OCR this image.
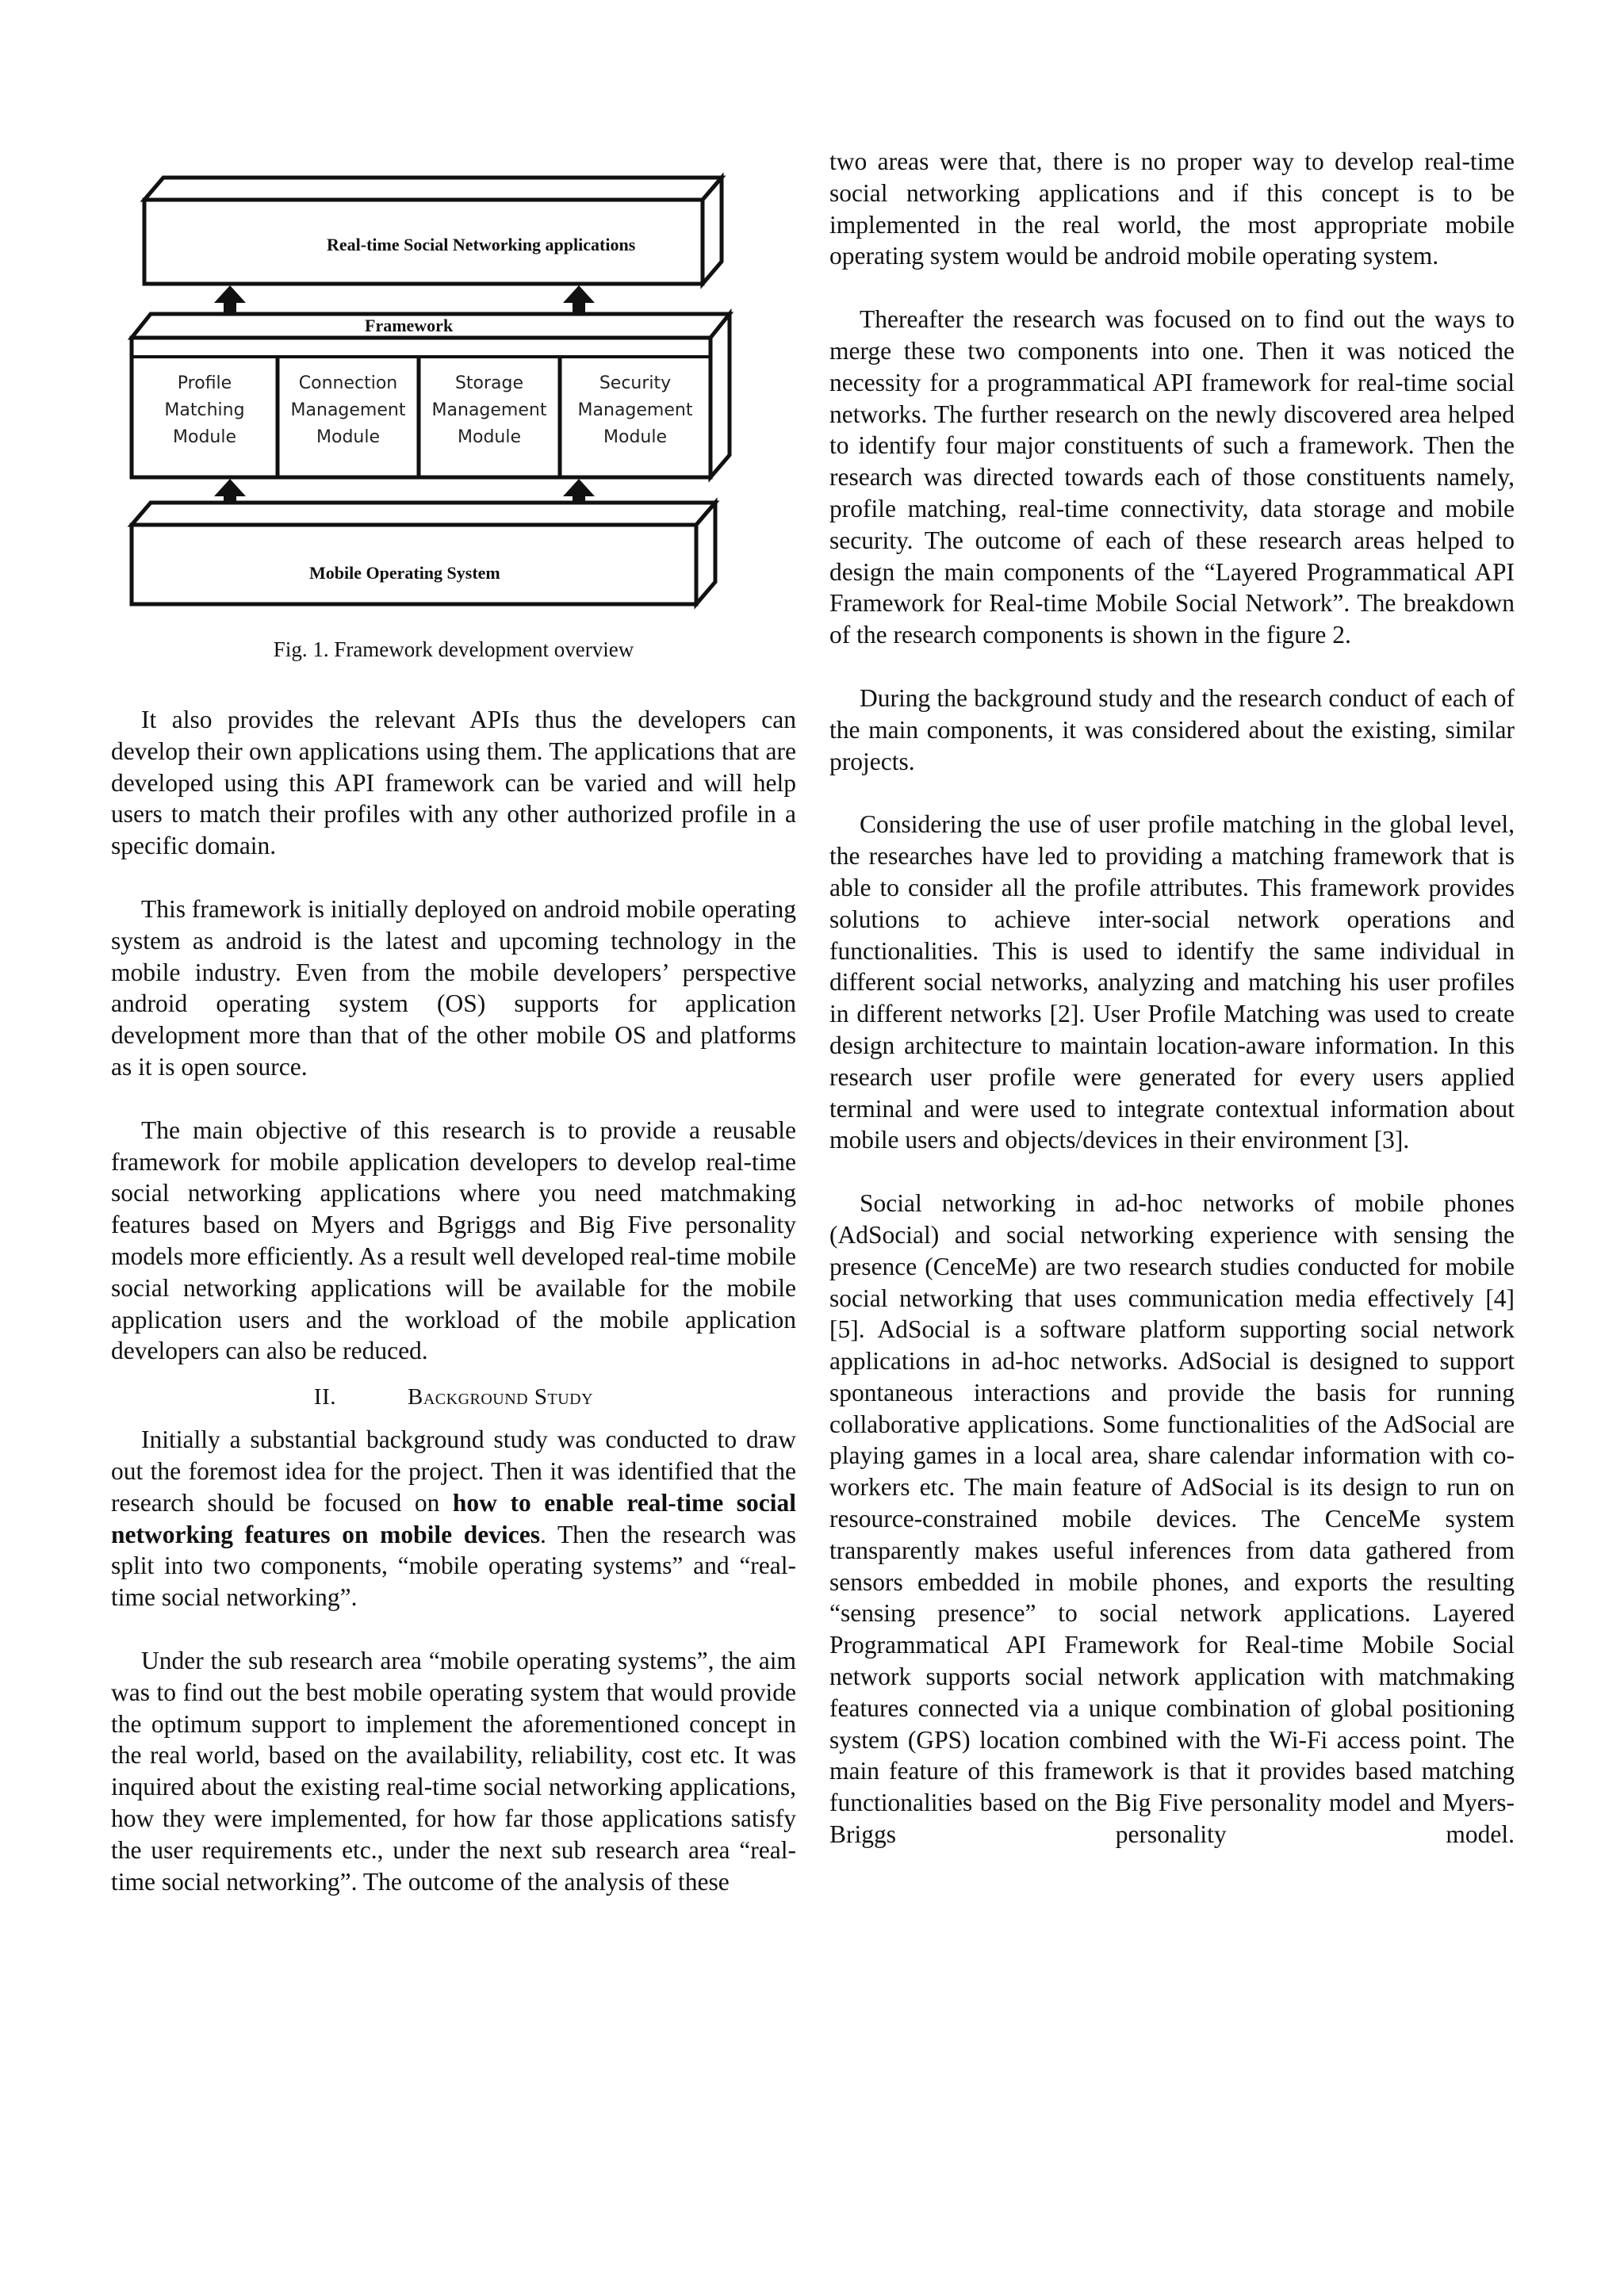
Real-time Social Networking applications
Framework
Profile
Matching
Module
Connection
Management
Module
Storage
Management
Module
Security
Management
Module
Mobile Operating System
Fig. 1. Framework development overview

It also provides the relevant APIs thus the developers can develop their own applications using them. The applications that are developed using this API framework can be varied and will help users to match their profiles with any other authorized profile in a specific domain.

This framework is initially deployed on android mobile operating system as android is the latest and upcoming technology in the mobile industry. Even from the mobile developers’ perspective android operating system (OS) supports for application development more than that of the other mobile OS and platforms as it is open source.

The main objective of this research is to provide a reusable framework for mobile application developers to develop real-time social networking applications where you need matchmaking features based on Myers and Bgriggs and Big Five personality models more efficiently. As a result well developed real-time mobile social networking applications will be available for the mobile application users and the workload of the mobile application developers can also be reduced.

II.	Background Study

Initially a substantial background study was conducted to draw out the foremost idea for the project. Then it was identified that the research should be focused on how to enable real-time social networking features on mobile devices. Then the research was split into two components, “mobile operating systems” and “real-time social networking”.

Under the sub research area “mobile operating systems”, the aim was to find out the best mobile operating system that would provide the optimum support to implement the aforementioned concept in the real world, based on the availability, reliability, cost etc. It was inquired about the existing real-time social networking applications, how they were implemented, for how far those applications satisfy the user requirements etc., under the next sub research area “real-time social networking”. The outcome of the analysis of these

two areas were that, there is no proper way to develop real-time social networking applications and if this concept is to be implemented in the real world, the most appropriate mobile operating system would be android mobile operating system.

Thereafter the research was focused on to find out the ways to merge these two components into one. Then it was noticed the necessity for a programmatical API framework for real-time social networks. The further research on the newly discovered area helped to identify four major constituents of such a framework. Then the research was directed towards each of those constituents namely, profile matching, real-time connectivity, data storage and mobile security. The outcome of each of these research areas helped to design the main components of the “Layered Programmatical API Framework for Real-time Mobile Social Network”. The breakdown of the research components is shown in the figure 2.

During the background study and the research conduct of each of the main components, it was considered about the existing, similar projects.

Considering the use of user profile matching in the global level, the researches have led to providing a matching framework that is able to consider all the profile attributes. This framework provides solutions to achieve inter-social network operations and functionalities. This is used to identify the same individual in different social networks, analyzing and matching his user profiles in different networks [2]. User Profile Matching was used to create design architecture to maintain location-aware information. In this research user profile were generated for every users applied terminal and were used to integrate contextual information about mobile users and objects/devices in their environment [3].

Social networking in ad-hoc networks of mobile phones (AdSocial) and social networking experience with sensing the presence (CenceMe) are two research studies conducted for mobile social networking that uses communication media effectively [4] [5]. AdSocial is a software platform supporting social network applications in ad-hoc networks. AdSocial is designed to support spontaneous interactions and provide the basis for running collaborative applications. Some functionalities of the AdSocial are playing games in a local area, share calendar information with co-workers etc. The main feature of AdSocial is its design to run on resource-constrained mobile devices. The CenceMe system transparently makes useful inferences from data gathered from sensors embedded in mobile phones, and exports the resulting “sensing presence” to social network applications. Layered Programmatical API Framework for Real-time Mobile Social network supports social network application with matchmaking features connected via a unique combination of global positioning system (GPS) location combined with the Wi-Fi access point. The main feature of this framework is that it provides based matching functionalities based on the Big Five personality model and Myers-Briggs personality model.
